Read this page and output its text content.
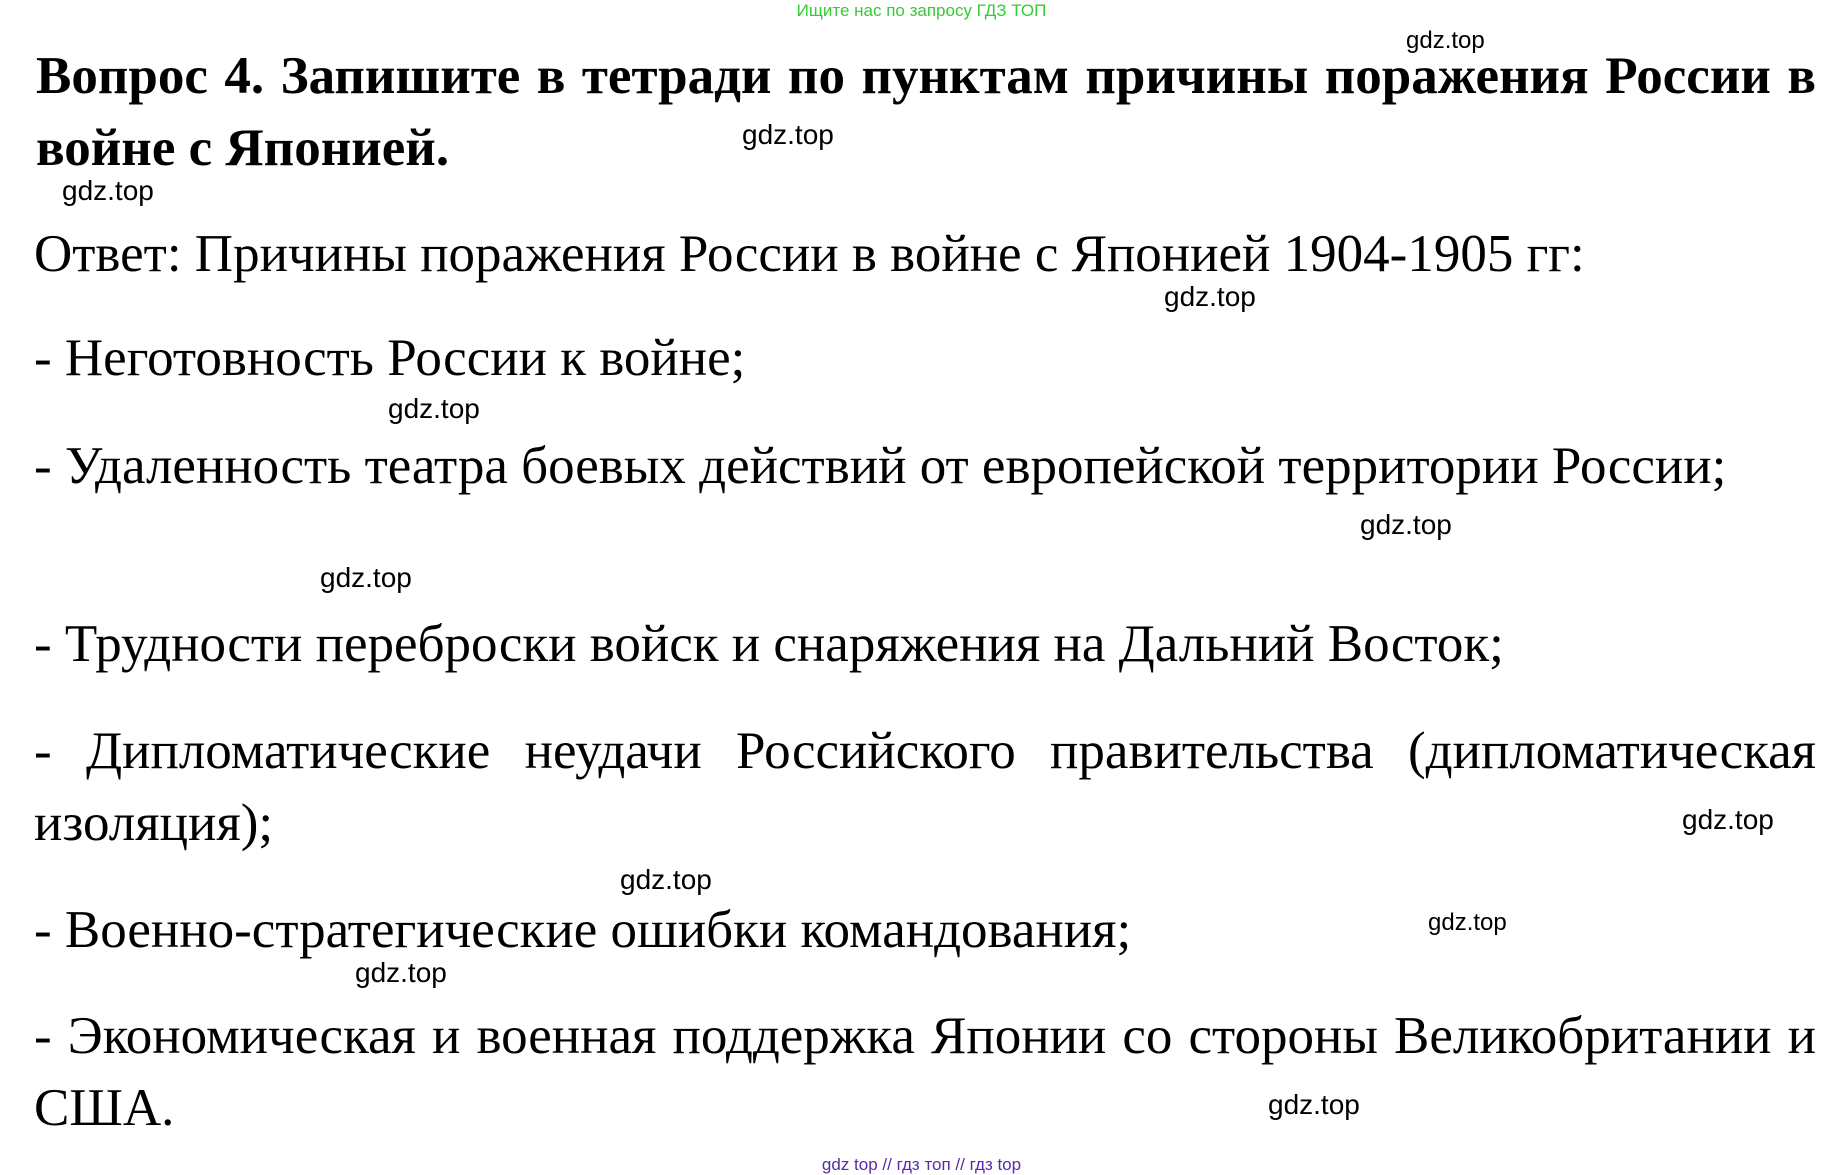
Ищите нас по запросу ГДЗ ТОП
Вопрос 4. Запишите в тетради по пунктам причины поражения России в войне с Японией.
Ответ: Причины поражения России в войне с Японией 1904-1905 гг:
- Неготовность России к войне;
- Удаленность театра боевых действий от европейской территории России;
- Трудности переброски войск и снаряжения на Дальний Восток;
- Дипломатические неудачи Российского правительства (дипломатическая изоляция);
- Военно-стратегические ошибки командования;
- Экономическая и военная поддержка Японии со стороны Великобритании и США.
gdz.top
gdz.top
gdz.top
gdz.top
gdz.top
gdz.top
gdz.top
gdz.top
gdz.top
gdz.top
gdz.top
gdz.top
gdz top // гдз топ // гдз top
